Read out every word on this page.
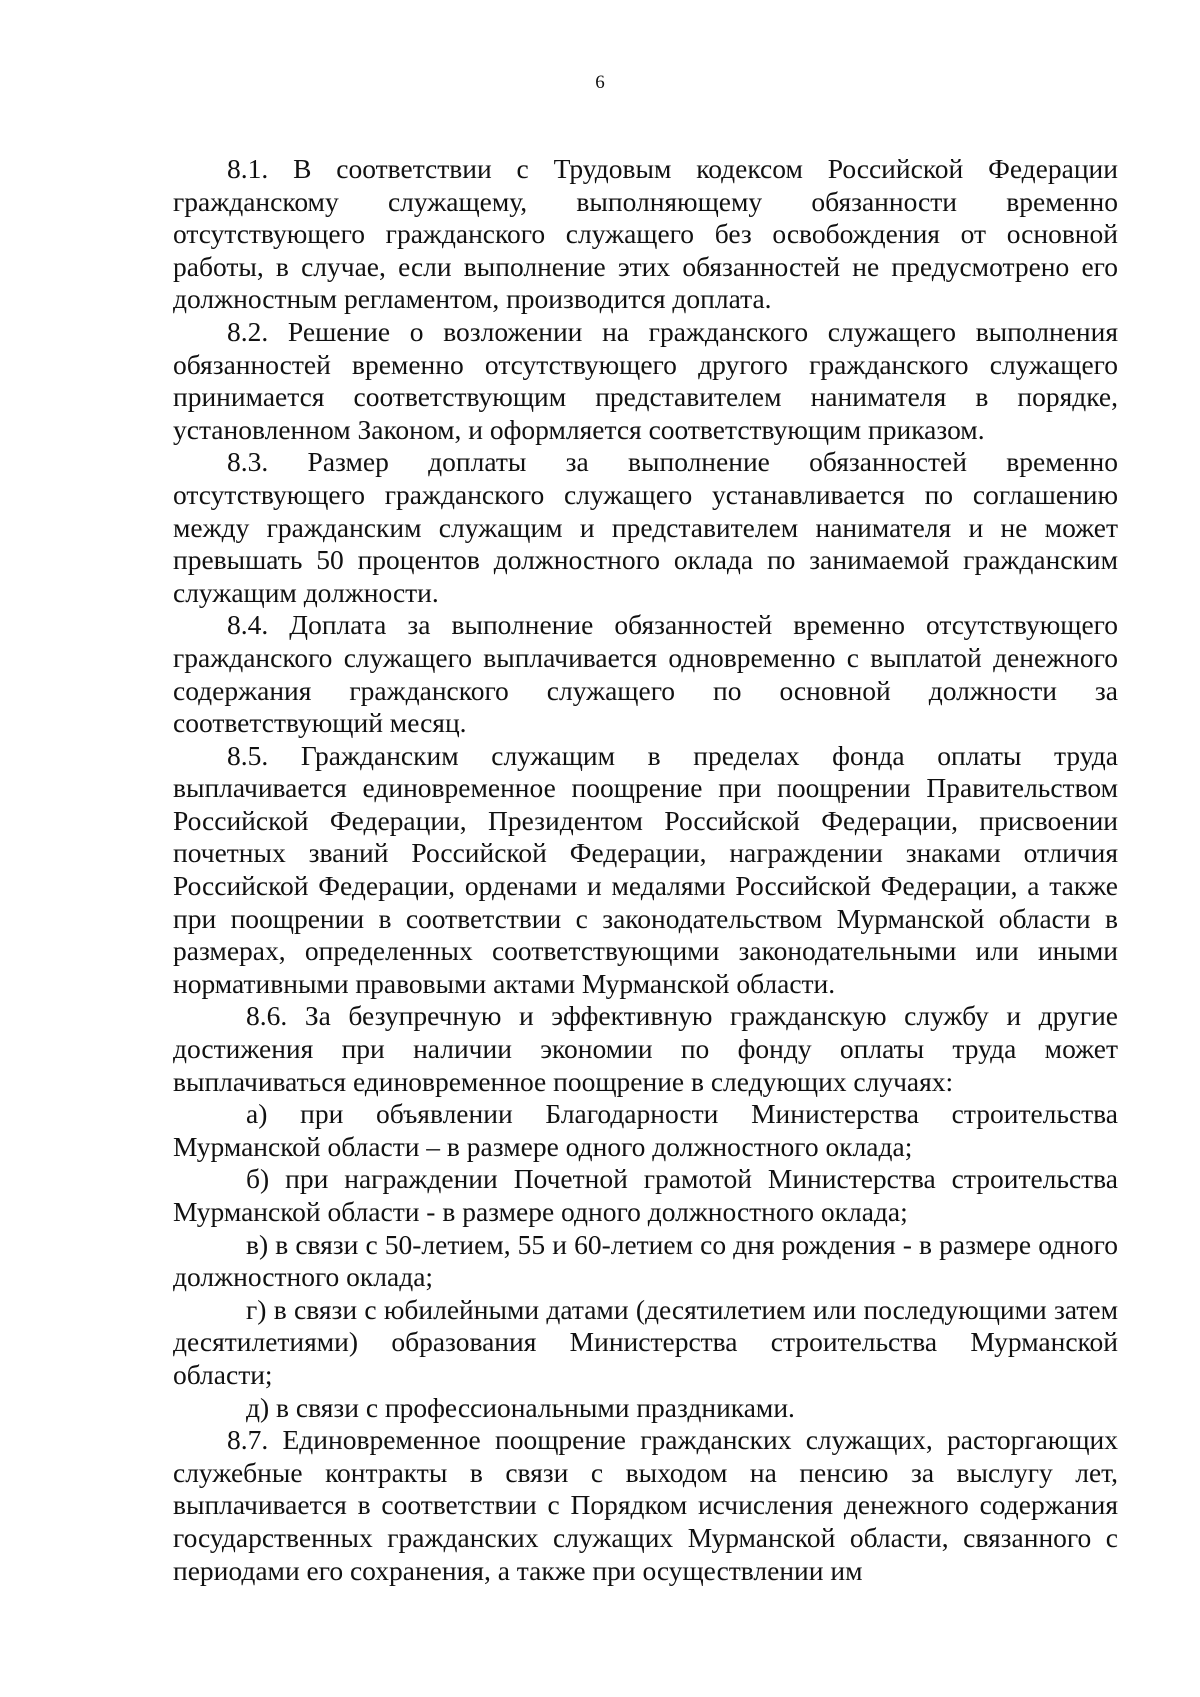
6

8.1. В соответствии с Трудовым кодексом Российской Федерации гражданскому служащему, выполняющему обязанности временно отсутствующего гражданского служащего без освобождения от основной работы, в случае, если выполнение этих обязанностей не предусмотрено его должностным регламентом, производится доплата.

8.2. Решение о возложении на гражданского служащего выполнения обязанностей временно отсутствующего другого гражданского служащего принимается соответствующим представителем нанимателя в порядке, установленном Законом, и оформляется соответствующим приказом.

8.3. Размер доплаты за выполнение обязанностей временно отсутствующего гражданского служащего устанавливается по соглашению между гражданским служащим и представителем нанимателя и не может превышать 50 процентов должностного оклада по занимаемой гражданским служащим должности.

8.4. Доплата за выполнение обязанностей временно отсутствующего гражданского служащего выплачивается одновременно с выплатой денежного содержания гражданского служащего по основной должности за соответствующий месяц.

8.5. Гражданским служащим в пределах фонда оплаты труда выплачивается единовременное поощрение при поощрении Правительством Российской Федерации, Президентом Российской Федерации, присвоении почетных званий Российской Федерации, награждении знаками отличия Российской Федерации, орденами и медалями Российской Федерации, а также при поощрении в соответствии с законодательством Мурманской области в размерах, определенных соответствующими законодательными или иными нормативными правовыми актами Мурманской области.

8.6. За безупречную и эффективную гражданскую службу и другие достижения при наличии экономии по фонду оплаты труда может выплачиваться единовременное поощрение в следующих случаях:

а) при объявлении Благодарности Министерства строительства Мурманской области – в размере одного должностного оклада;

б) при награждении Почетной грамотой Министерства строительства Мурманской области - в размере одного должностного оклада;

в) в связи с 50-летием, 55 и 60-летием со дня рождения - в размере одного должностного оклада;

г) в связи с юбилейными датами (десятилетием или последующими затем десятилетиями) образования Министерства строительства Мурманской области;

д) в связи с профессиональными праздниками.

8.7. Единовременное поощрение гражданских служащих, расторгающих служебные контракты в связи с выходом на пенсию за выслугу лет, выплачивается в соответствии с Порядком исчисления денежного содержания государственных гражданских служащих Мурманской области, связанного с периодами его сохранения, а также при осуществлении им
